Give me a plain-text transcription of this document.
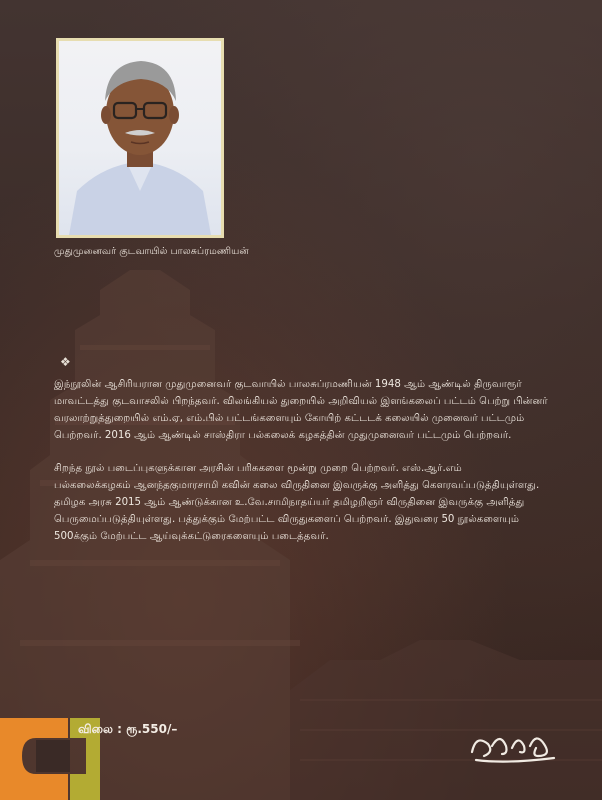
முதுமுனைவர் குடவாயில் பாலசுப்ரமணியன்
❖

இந்நூலின் ஆசிரியரான முதுமுனைவர் குடவாயில் பாலசுப்ரமணியன் 1948 ஆம் ஆண்டில் திருவாரூர்
மாவட்டத்து குடவாசலில் பிறந்தவர். விலங்கியல் துறையில் அறிவியல் இளங்கலைப் பட்டம் பெற்று பின்னர்
வரலாற்றுத்துறையில் எம்.ஏ, எம்.பில் பட்டங்களையும் கோயிற் கட்டடக் கலையில் முனைவர் பட்டமும்
பெற்றவர். 2016 ஆம் ஆண்டில் சாஸ்திரா பல்கலைக் கழகத்தின் முதுமுனைவர் பட்டமும் பெற்றவர்.

சிறந்த நூல் படைப்புகளுக்கான அரசின் பரிசுகளை மூன்று முறை பெற்றவர். எஸ்.ஆர்.எம்
பல்கலைக்கழகம் ஆனந்தகுமாரசாமி கவின் கலை விருதினை இவருக்கு அளித்து கௌரவப்படுத்தியுள்ளது.
தமிழக அரசு 2015 ஆம் ஆண்டுக்கான உ.வே.சாமிநாதய்யர் தமிழறிஞர் விருதினை இவருக்கு அளித்து
பெருமைப்படுத்தியுள்ளது. பத்துக்கும் மேற்பட்ட விருதுகளைப் பெற்றவர். இதுவரை 50 நூல்களையும்
500க்கும் மேற்பட்ட ஆய்வுக்கட்டுரைகளையும் படைத்தவர்.

விலை : ரூ.550/–
